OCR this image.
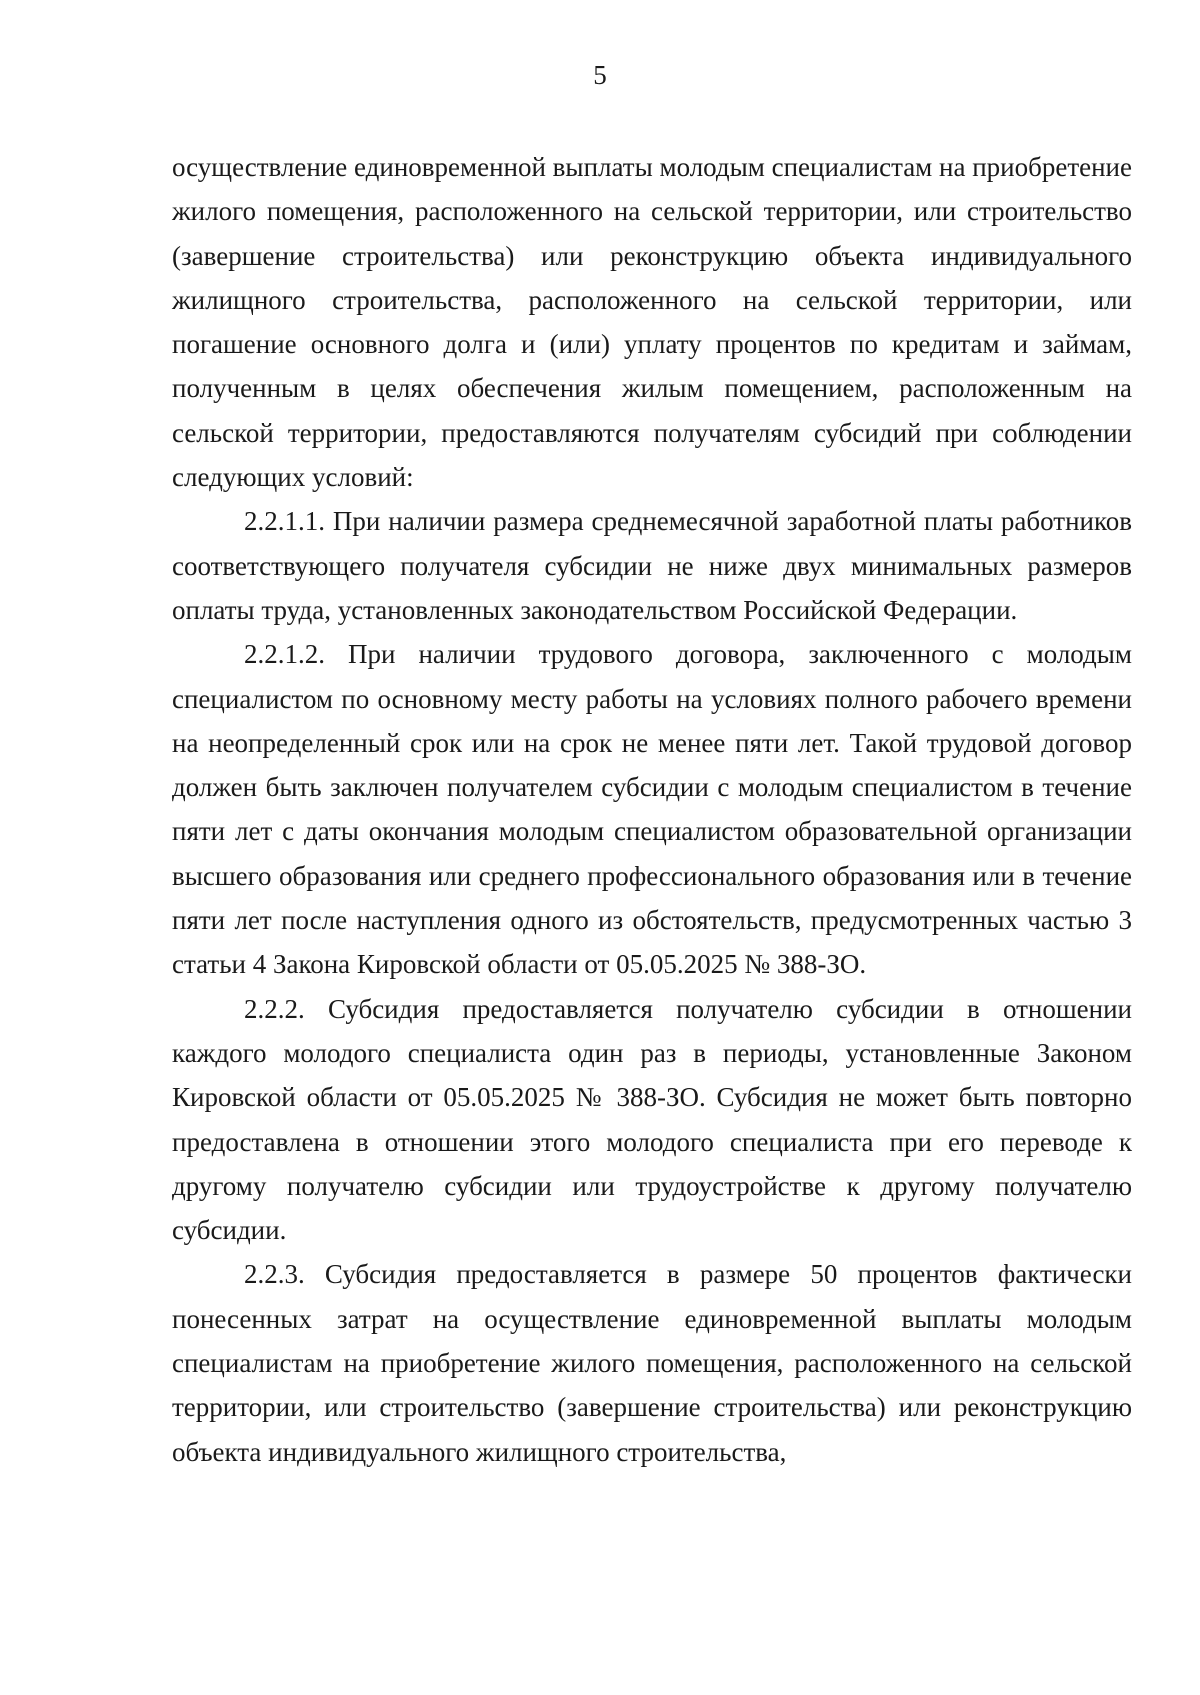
5

осуществление единовременной выплаты молодым специалистам на приобретение жилого помещения, расположенного на сельской территории, или строительство (завершение строительства) или реконструкцию объекта индивидуального жилищного строительства, расположенного на сельской территории, или погашение основного долга и (или) уплату процентов по кредитам и займам, полученным в целях обеспечения жилым помещением, расположенным на сельской территории, предоставляются получателям субсидий при соблюдении следующих условий:

2.2.1.1. При наличии размера среднемесячной заработной платы работников соответствующего получателя субсидии не ниже двух минимальных размеров оплаты труда, установленных законодательством Российской Федерации.

2.2.1.2. При наличии трудового договора, заключенного с молодым специалистом по основному месту работы на условиях полного рабочего времени на неопределенный срок или на срок не менее пяти лет. Такой трудовой договор должен быть заключен получателем субсидии с молодым специалистом в течение пяти лет с даты окончания молодым специалистом образовательной организации высшего образования или среднего профессионального образования или в течение пяти лет после наступления одного из обстоятельств, предусмотренных частью 3 статьи 4 Закона Кировской области от 05.05.2025 № 388-ЗО.

2.2.2. Субсидия предоставляется получателю субсидии в отношении каждого молодого специалиста один раз в периоды, установленные Законом Кировской области от 05.05.2025 № 388-ЗО. Субсидия не может быть повторно предоставлена в отношении этого молодого специалиста при его переводе к другому получателю субсидии или трудоустройстве к другому получателю субсидии.

2.2.3. Субсидия предоставляется в размере 50 процентов фактически понесенных затрат на осуществление единовременной выплаты молодым специалистам на приобретение жилого помещения, расположенного на сельской территории, или строительство (завершение строительства) или реконструкцию объекта индивидуального жилищного строительства,
